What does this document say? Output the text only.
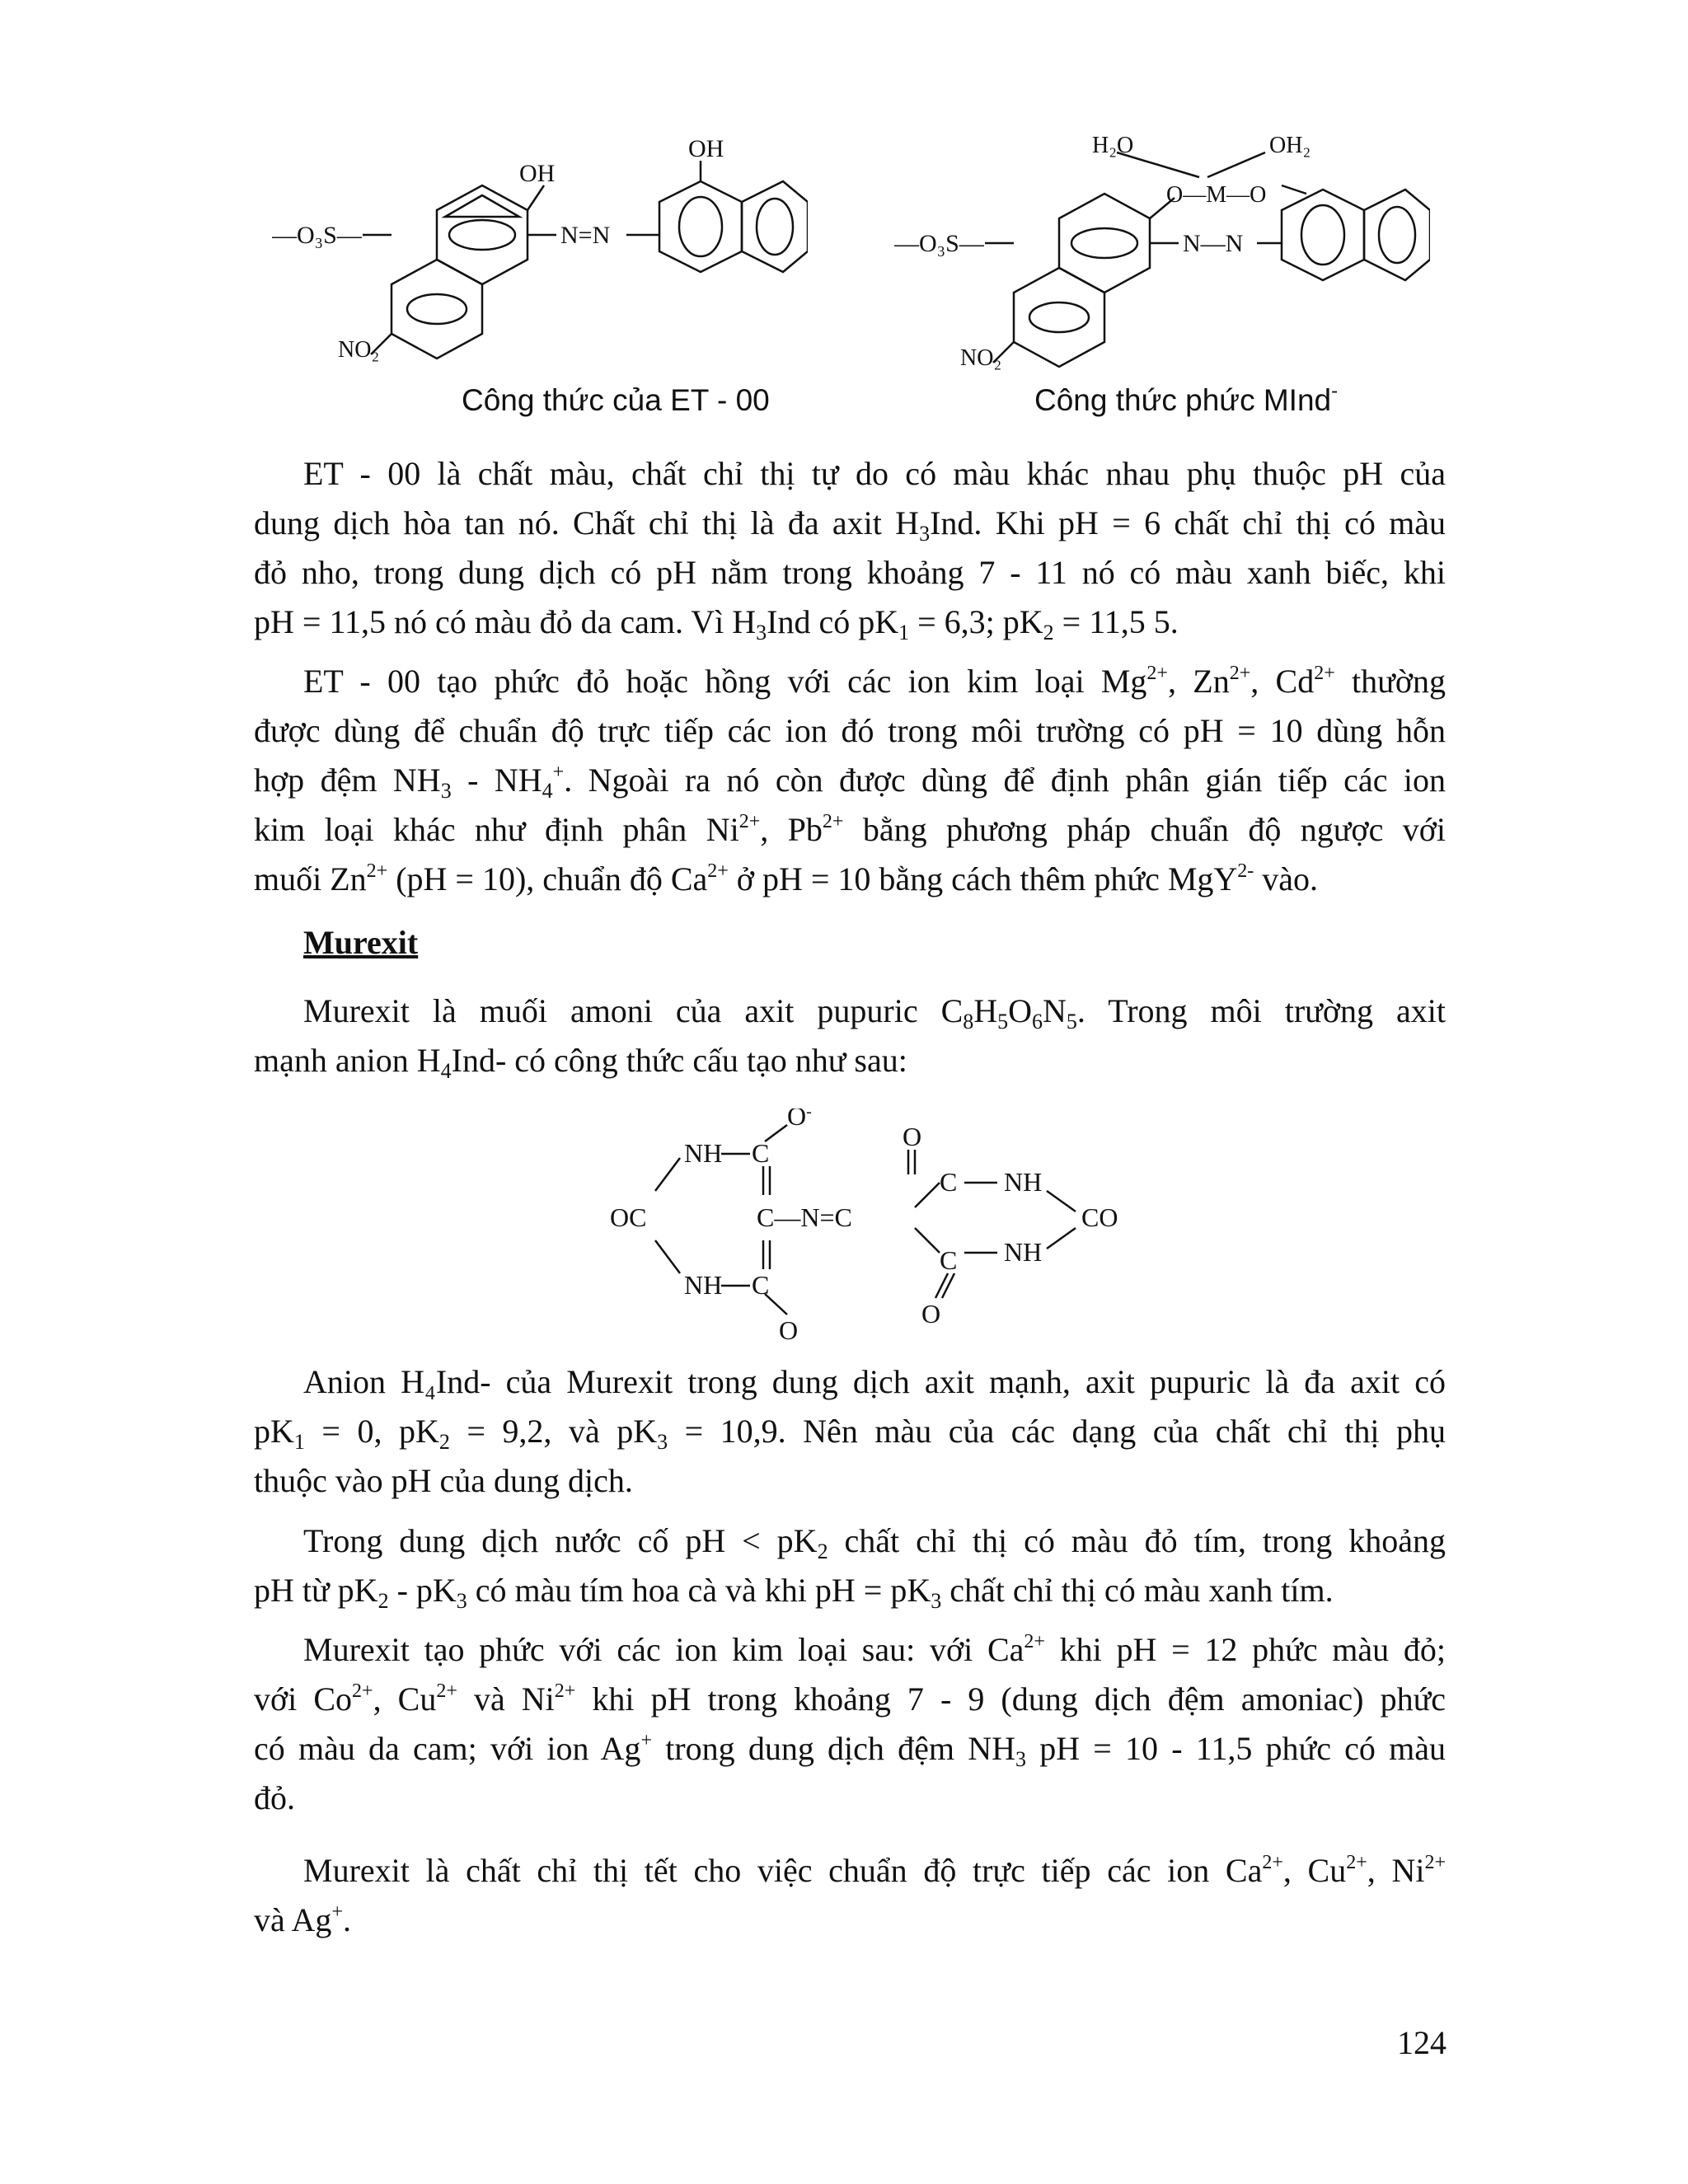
OH
OH
—O₃S—
NO₂
N=N
Công thức của ET - 00
H₂O	OH₂
O—M—O
—O₃S—
NO₂
N—N
Công thức phức MInd-
ET - 00 là chất màu, chất chỉ thị tự do có màu khác nhau phụ thuộc pH của
dung dịch hòa tan nó. Chất chỉ thị là đa axit $H_3Ind$. Khi pH = 6 chất chỉ thị có màu
đỏ nho, trong dung dịch có pH nằm trong khoảng 7 - 11 nó có màu xanh biếc, khi
pH = 11,5 nó có màu đỏ da cam. Vì $H_3Ind$ có $pK_1 = 6,3$; $pK_2 = 11,5$ 5.
ET - 00 tạo phức đỏ hoặc hồng với các ion kim loại $Mg^{2+}$, $Zn^{2+}$, $Cd^{2+}$ thường
được dùng để chuẩn độ trực tiếp các ion đó trong môi trường có pH = 10 dùng hỗn
hợp đệm $NH_3 - NH_4^+$. Ngoài ra nó còn được dùng để định phân gián tiếp các ion
kim loại khác như định phân $Ni^{2+}$, $Pb^{2+}$ bằng phương pháp chuẩn độ ngược với
muối $Zn^{2+}$ (pH = 10), chuẩn độ $Ca^{2+}$ ở pH = 10 bằng cách thêm phức MgY$^{2-}$ vào.
Murexit
Murexit là muối amoni của axit pupuric $C_8H_5O_6N_5$. Trong môi trường axit
mạnh anion $H_4Ind-$ có công thức cấu tạo như sau:
O-
NH C
OC	C—N=C
NH C
O
O
C NH
CO
C NH
O
Anion H₄Ind- của Murexit trong dung dịch axit mạnh, axit pupuric là đa axit có
$pK_1 = 0$, $pK_2 = 9,2$, và $pK_3 = 10,9$. Nên màu của các dạng của chất chỉ thị phụ
thuộc vào pH của dung dịch.
Trong dung dịch nước cố pH < $pK_2$ chất chỉ thị có màu đỏ tím, trong khoảng
pH từ $pK_2 - pK_3$ có màu tím hoa cà và khi pH = $pK_3$ chất chỉ thị có màu xanh tím.
Murexit tạo phức với các ion kim loại sau: với $Ca^{2+}$ khi pH = 12 phức màu đỏ;
với $Co^{2+}$, $Cu^{2+}$ và $Ni^{2+}$ khi pH trong khoảng 7 - 9 (dung dịch đệm amoniac) phức
có màu da cam; với ion Ag+ trong dung dịch đệm $NH_3$ pH = 10 - 11,5 phức có màu
đỏ.
Murexit là chất chỉ thị tết cho việc chuẩn độ trực tiếp các ion $Ca^{2+}$, $Cu^{2+}$, $Ni^{2+}$
và Ag+.
124
